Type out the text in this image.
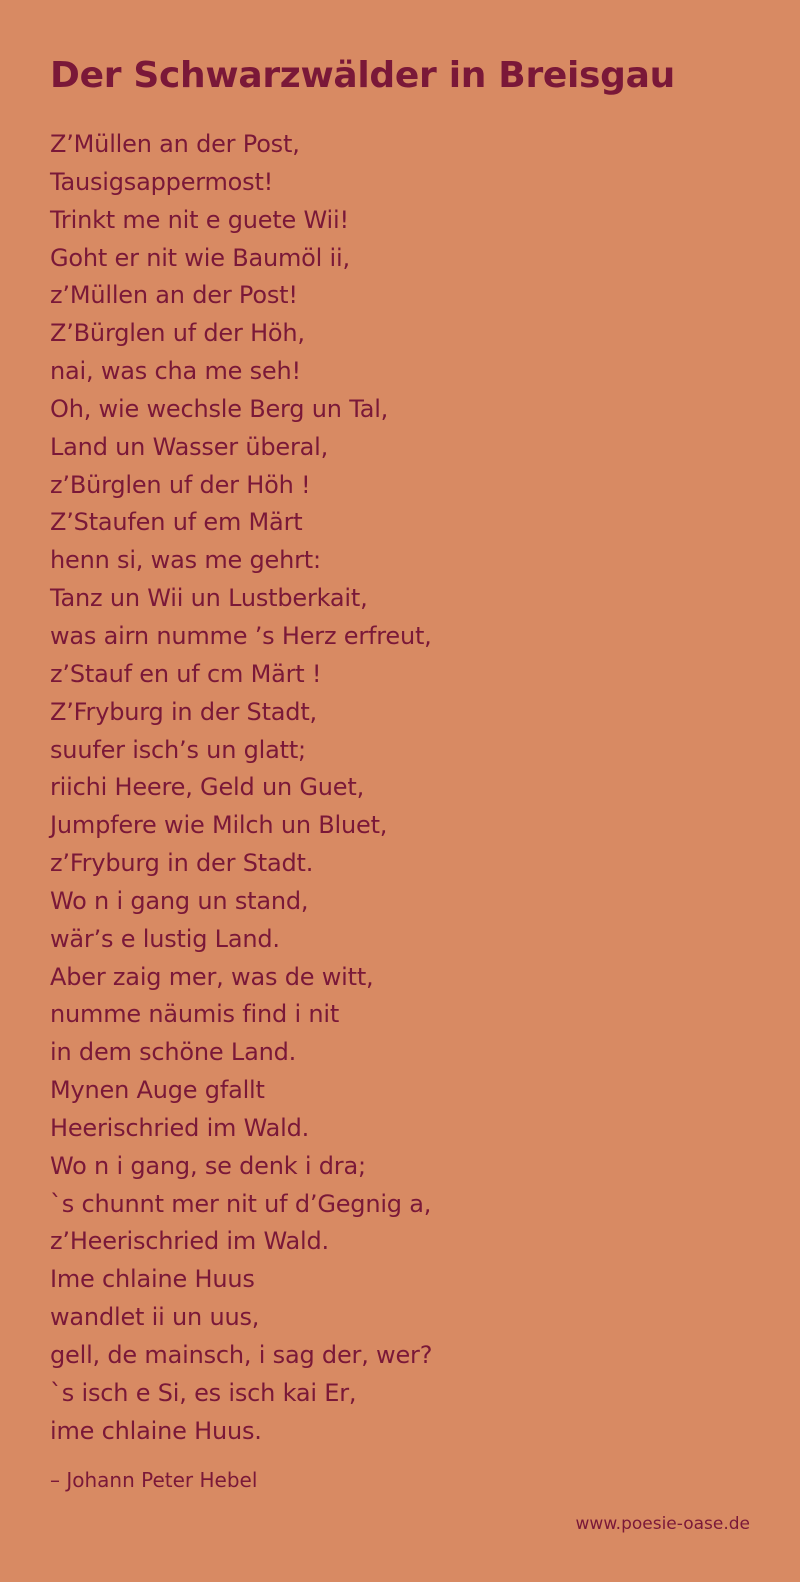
Der Schwarzwälder in Breisgau
Z’Müllen an der Post,
Tausigsappermost!
Trinkt me nit e guete Wii!
Goht er nit wie Baumöl ii,
z’Müllen an der Post!
Z’Bürglen uf der Höh,
nai, was cha me seh!
Oh, wie wechsle Berg un Tal,
Land un Wasser überal,
z’Bürglen uf der Höh !
Z’Staufen uf em Märt
henn si, was me gehrt:
Tanz un Wii un Lustberkait,
was airn numme ’s Herz erfreut,
z’Stauf en uf cm Märt !
Z’Fryburg in der Stadt,
suufer isch’s un glatt;
riichi Heere, Geld un Guet,
Jumpfere wie Milch un Bluet,
z’Fryburg in der Stadt.
Wo n i gang un stand,
wär’s e lustig Land.
Aber zaig mer, was de witt,
numme näumis find i nit
in dem schöne Land.
Mynen Auge gfallt
Heerischried im Wald.
Wo n i gang, se denk i dra;
`s chunnt mer nit uf d’Gegnig a,
z’Heerischried im Wald.
Ime chlaine Huus
wandlet ii un uus,
gell, de mainsch, i sag der, wer?
`s isch e Si, es isch kai Er,
ime chlaine Huus.
– Johann Peter Hebel
www.poesie-oase.de
